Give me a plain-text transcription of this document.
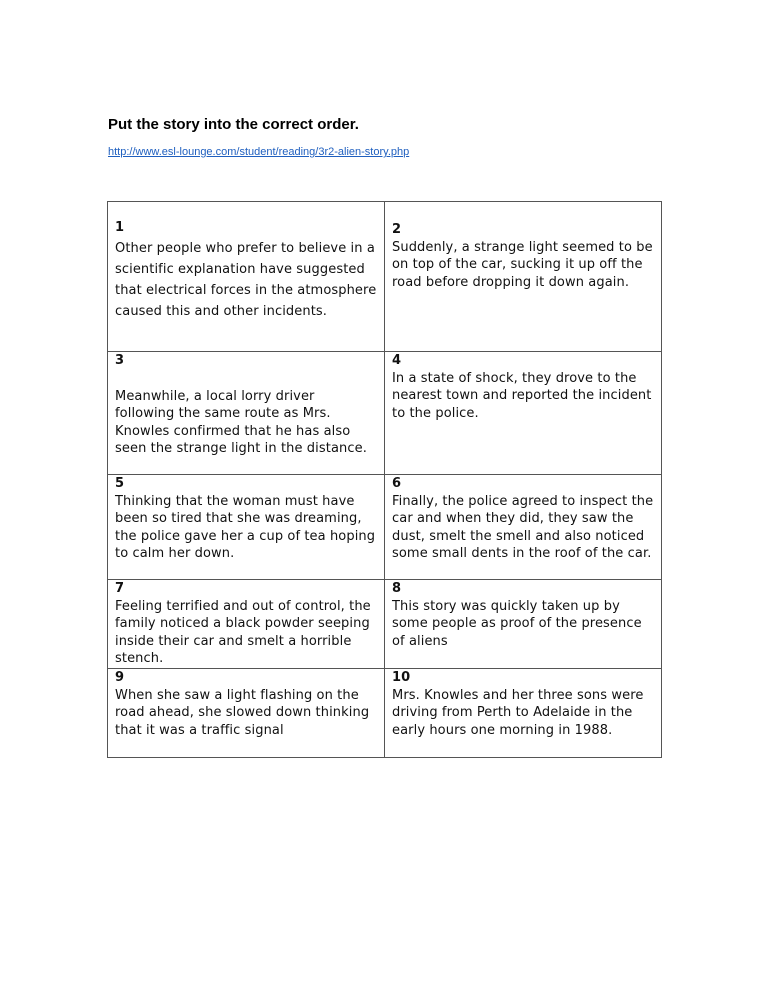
Put the story into the correct order.
http://www.esl-lounge.com/student/reading/3r2-alien-story.php
1
Other people who prefer to believe in a scientific explanation have suggested that electrical forces in the atmosphere caused this and other incidents.	2
Suddenly, a strange light seemed to be on top of the car, sucking it up off the road before dropping it down again.

3
Meanwhile, a local lorry driver following the same route as Mrs. Knowles confirmed that he has also seen the strange light in the distance.	4
In a state of shock, they drove to the nearest town and reported the incident to the police.

5
Thinking that the woman must have been so tired that she was dreaming, the police gave her a cup of tea hoping to calm her down.	6
Finally, the police agreed to inspect the car and when they did, they saw the dust, smelt the smell and also noticed some small dents in the roof of the car.

7
Feeling terrified and out of control, the family noticed a black powder seeping inside their car and smelt a horrible stench.	8
This story was quickly taken up by some people as proof of the presence of aliens

9
When she saw a light flashing on the road ahead, she slowed down thinking that it was a traffic signal	10
Mrs. Knowles and her three sons were driving from Perth to Adelaide in the early hours one morning in 1988.
